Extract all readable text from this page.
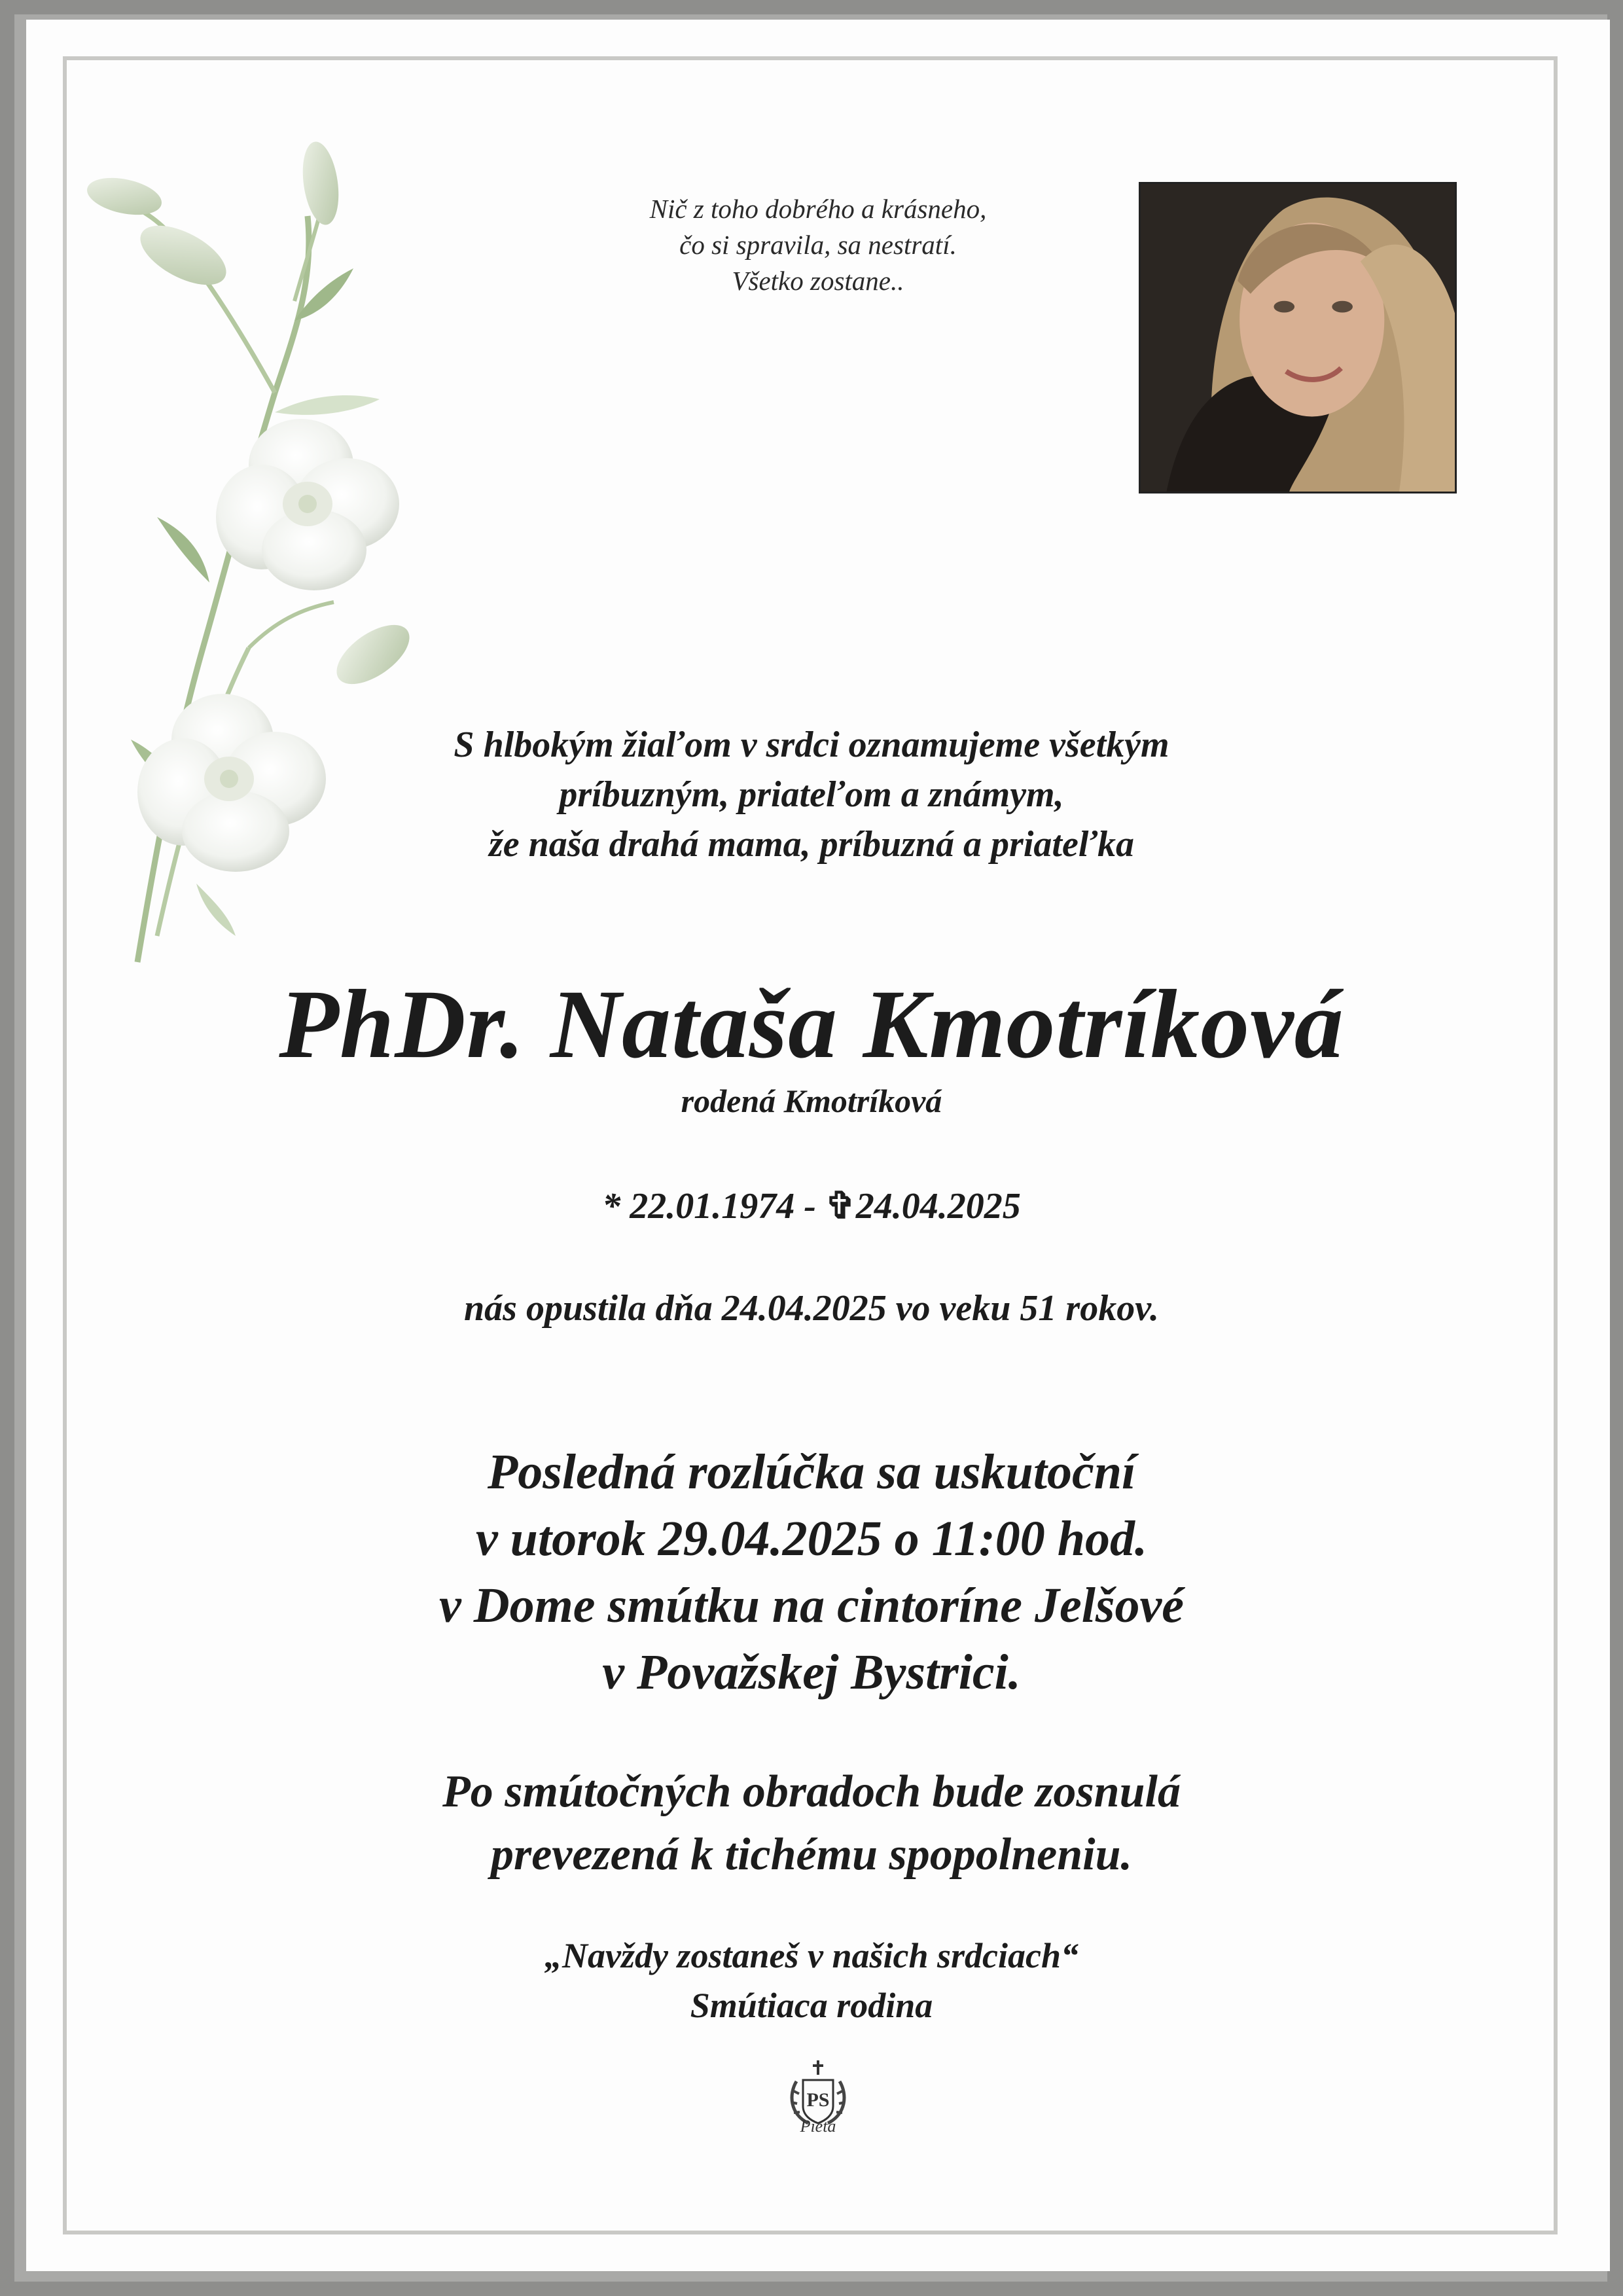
Nič z toho dobrého a krásneho,
čo si spravila, sa nestratí.
Všetko zostane..
S hlbokým žiaľom v srdci oznamujeme všetkým
príbuzným, priateľom a známym,
že naša drahá mama, príbuzná a priateľka
PhDr. Nataša Kmotríková
rodená Kmotríková
* 22.01.1974 - ✞24.04.2025
nás opustila dňa 24.04.2025 vo veku 51 rokov.
Posledná rozlúčka sa uskutoční
v utorok 29.04.2025 o 11:00 hod.
v Dome smútku na cintoríne Jelšové
v Považskej Bystrici.
Po smútočných obradoch bude zosnulá
prevezená k tichému spopolneniu.
„Navždy zostaneš v našich srdciach“
Smútiaca rodina
PS
Pieta
